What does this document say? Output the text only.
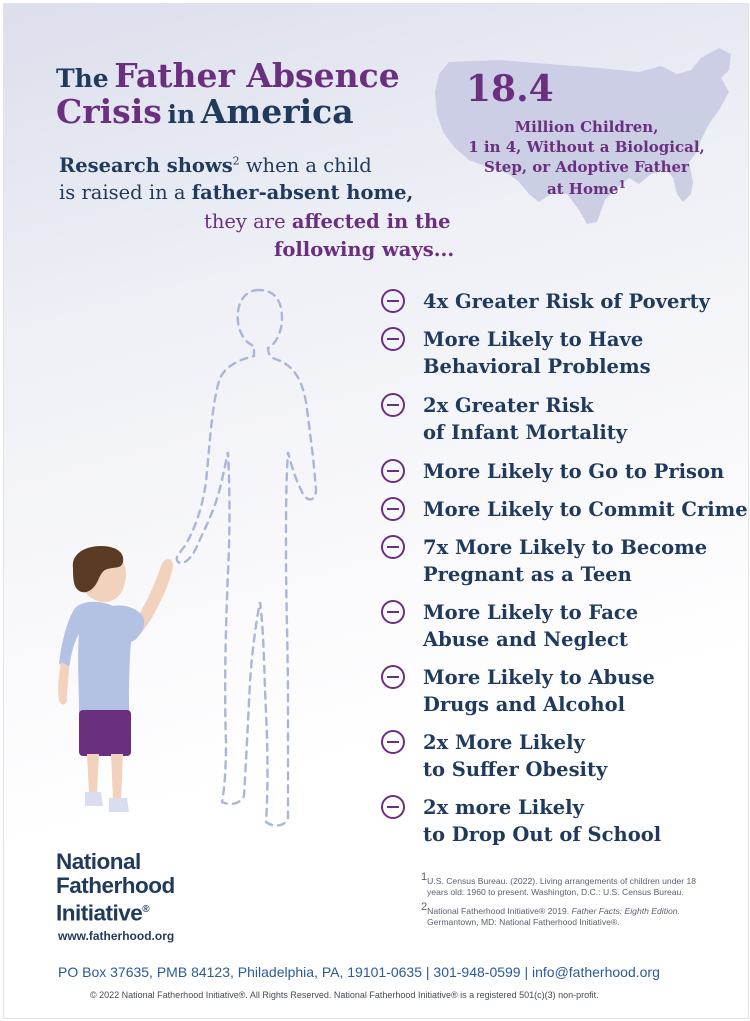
18.4
Million Children,
1 in 4, Without a Biological,
Step, or Adoptive Father
at Home$^1$
The Father Absence
Crisis in America
Research shows$^2$ when a child
is raised in a father-absent home,
they are affected in the
following ways...
4x Greater Risk of Poverty
More Likely to Have
Behavioral Problems
2x Greater Risk
of Infant Mortality
More Likely to Go to Prison
More Likely to Commit Crime
7x More Likely to Become
Pregnant as a Teen
More Likely to Face
Abuse and Neglect
More Likely to Abuse
Drugs and Alcohol
2x More Likely
to Suffer Obesity
2x more Likely
to Drop Out of School
National
Fatherhood
Initiative®
www.fatherhood.org
$^1$U.S. Census Bureau. (2022). Living arrangements of children under 18
years old: 1960 to present. Washington, D.C.: U.S. Census Bureau.
$^2$National Fatherhood Initiative® 2019. Father Facts: Eighth Edition.
Germantown, MD: National Fatherhood Initiative®.
PO Box 37635, PMB 84123, Philadelphia, PA, 19101-0635 | 301-948-0599 | info@fatherhood.org
© 2022 National Fatherhood Initiative®. All Rights Reserved. National Fatherhood Initiative® is a registered 501(c)(3) non-profit.
